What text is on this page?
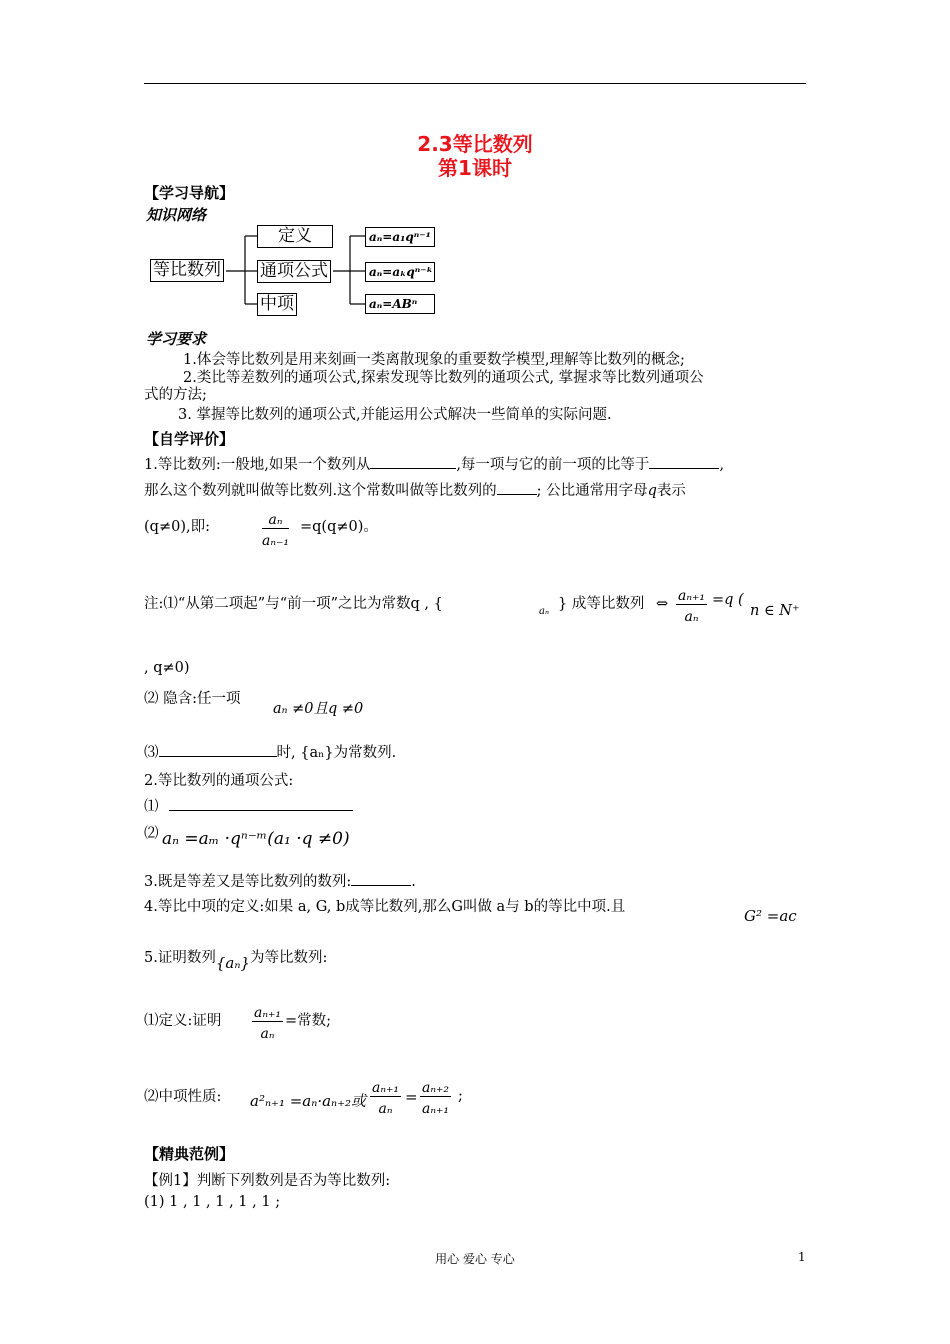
2.3等比数列
第1课时
【学习导航】
知识网络
等比数列
定义
通项公式
中项
aₙ=a₁qⁿ⁻¹
aₙ=aₖqⁿ⁻ᵏ
aₙ=ABⁿ
学习要求
1.体会等比数列是用来刻画一类离散现象的重要数学模型,理解等比数列的概念;
2.类比等差数列的通项公式,探索发现等比数列的通项公式, 掌握求等比数列通项公
式的方法;
3. 掌握等比数列的通项公式,并能运用公式解决一些简单的实际问题.
【自学评价】
1.等比数列:一般地,如果一个数列从	,每一项与它的前一项的比等于	,
那么这个数列就叫做等比数列.这个常数叫做等比数列的	; 公比通常用字母q表示
(q≠0),即:	$\frac{\text{aₙ}}{\text{aₙ₋₁}} =q(q\ne 0)$。
注:⑴“从第二项起”与“前一项”之比为常数q , {	aₙ } 成等比数列 ⇔ $\frac{\text{aₙ₊₁}}{\text{aₙ}} =q$ (
n ∈ N⁺
, q≠0)
⑵ 隐含:任一项
aₙ ≠0且q ≠0
⑶	时, {aₙ}为常数列.
2.等比数列的通项公式:
⑴
⑵ aₙ =aₘ ·qⁿ⁻ᵐ(a₁ ·q ≠0)
3.既是等差又是等比数列的数列:	.
4.等比中项的定义:如果 a, G, b成等比数列,那么G叫做 a与 b的等比中项.且	G² =ac
5.证明数列{aₙ}为等比数列:
⑴定义:证明 $\frac{\text{aₙ₊₁}}{\text{aₙ}}$ =常数;
⑵中项性质: a²ₙ₊₁ =aₙ·aₙ₊₂或 $\frac{\text{aₙ₊₁}}{\text{aₙ}} = \frac{\text{aₙ₊₂}}{\text{aₙ₊₁}}$ ;
【精典范例】
【例1】判断下列数列是否为等比数列:
(1) 1 , 1 , 1 , 1 , 1 ;
用心 爱心 专心	1
